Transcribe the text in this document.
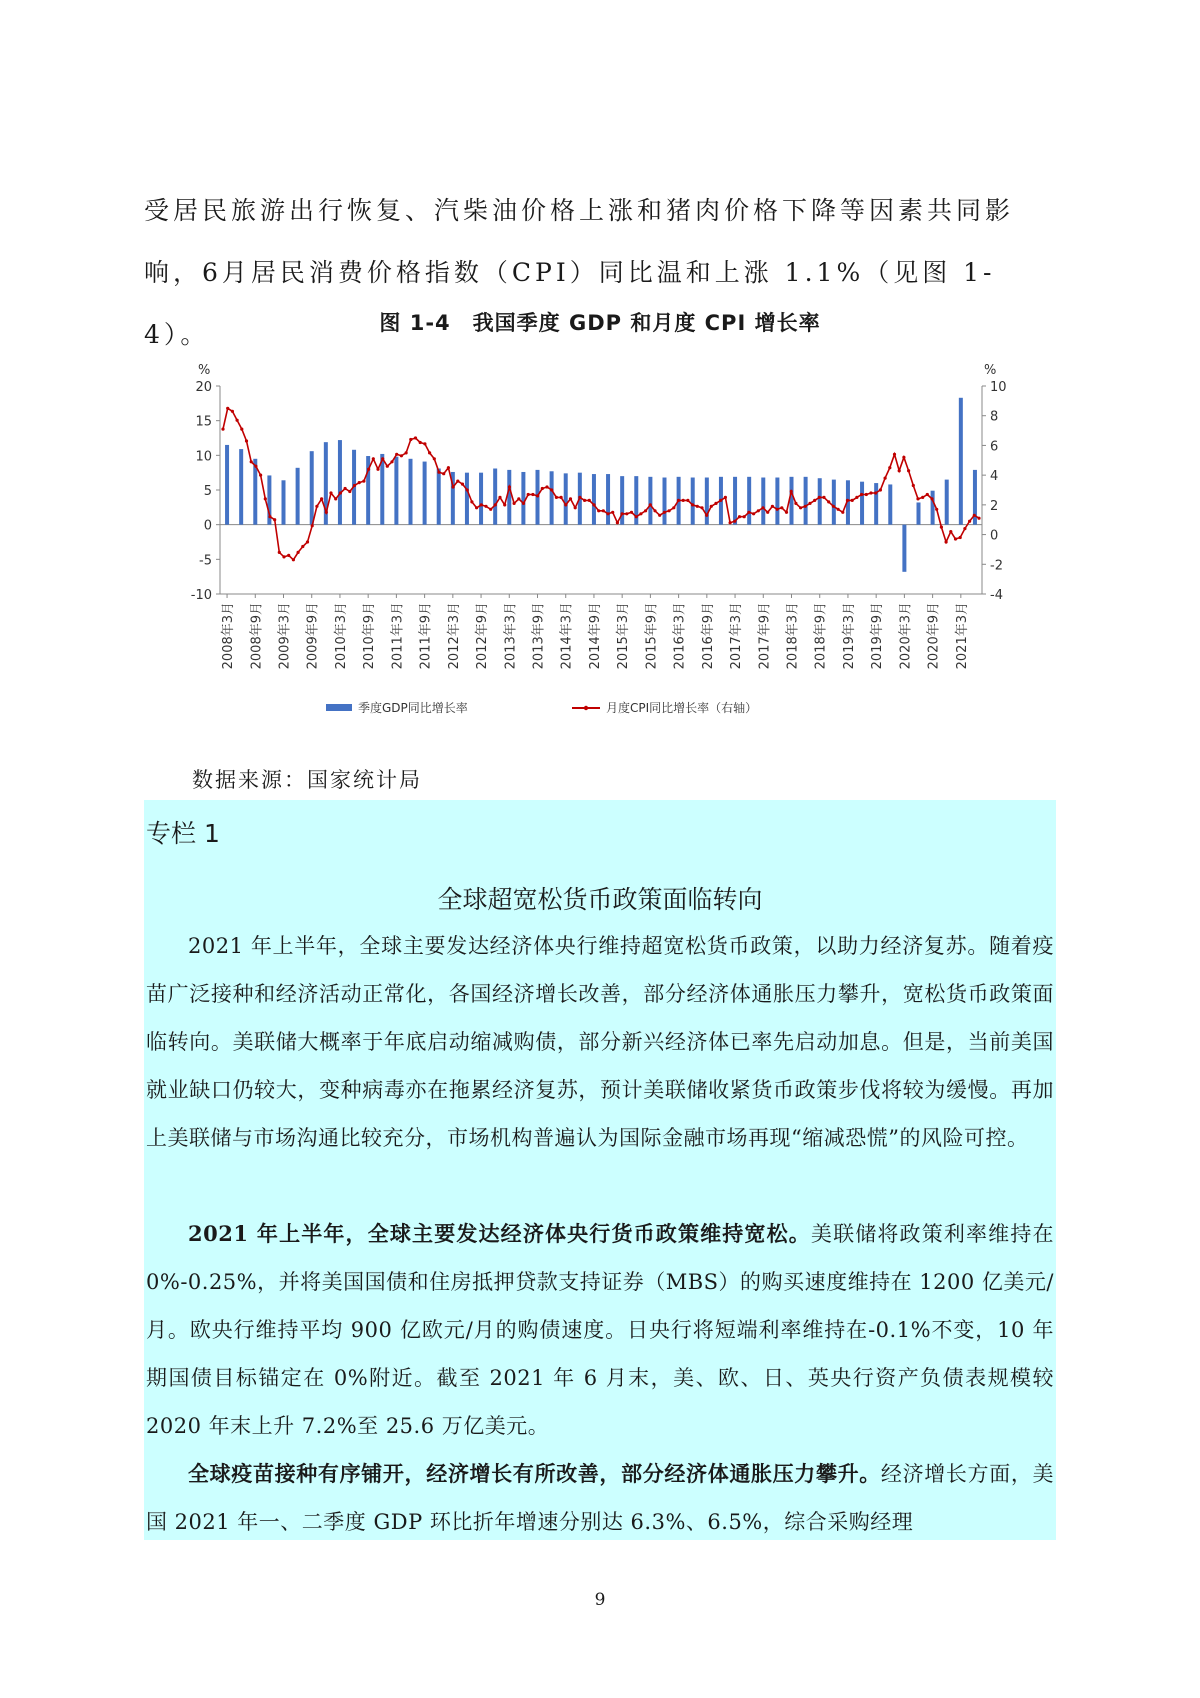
受居民旅游出行恢复、汽柴油价格上涨和猪肉价格下降等因素共同影响，6月居民消费价格指数（CPI）同比温和上涨 1.1%（见图 1-4）。	图 1-4　我国季度 GDP 和月度 CPI 增长率
%	%
20
15
10
5
0
-5
-10
10
8
6
4
2
0
-2
-4
2008年3月 2008年9月 2009年3月 2009年9月 2010年3月 2010年9月 2011年3月 2011年9月 2012年3月 2012年9月 2013年3月 2013年9月 2014年3月 2014年9月 2015年3月 2015年9月 2016年3月 2016年9月 2017年3月 2017年9月 2018年3月 2018年9月 2019年3月 2019年9月 2020年3月 2020年9月 2021年3月
季度GDP同比增长率	月度CPI同比增长率（右轴）
数据来源：国家统计局
专栏 1
全球超宽松货币政策面临转向

2021 年上半年，全球主要发达经济体央行维持超宽松货币政策，以助力经济复苏。随着疫苗广泛接种和经济活动正常化，各国经济增长改善，部分经济体通胀压力攀升，宽松货币政策面临转向。美联储大概率于年底启动缩减购债，部分新兴经济体已率先启动加息。但是，当前美国就业缺口仍较大，变种病毒亦在拖累经济复苏，预计美联储收紧货币政策步伐将较为缓慢。再加上美联储与市场沟通比较充分，市场机构普遍认为国际金融市场再现“缩减恐慌”的风险可控。

2021 年上半年，全球主要发达经济体央行货币政策维持宽松。美联储将政策利率维持在 0%-0.25%，并将美国国债和住房抵押贷款支持证券（MBS）的购买速度维持在 1200 亿美元/月。欧央行维持平均 900 亿欧元/月的购债速度。日央行将短端利率维持在-0.1%不变，10 年期国债目标锚定在 0%附近。截至 2021 年 6 月末，美、欧、日、英央行资产负债表规模较 2020 年末上升 7.2%至 25.6 万亿美元。

全球疫苗接种有序铺开，经济增长有所改善，部分经济体通胀压力攀升。经济增长方面，美国 2021 年一、二季度 GDP 环比折年增速分别达 6.3%、6.5%，综合采购经理

9
